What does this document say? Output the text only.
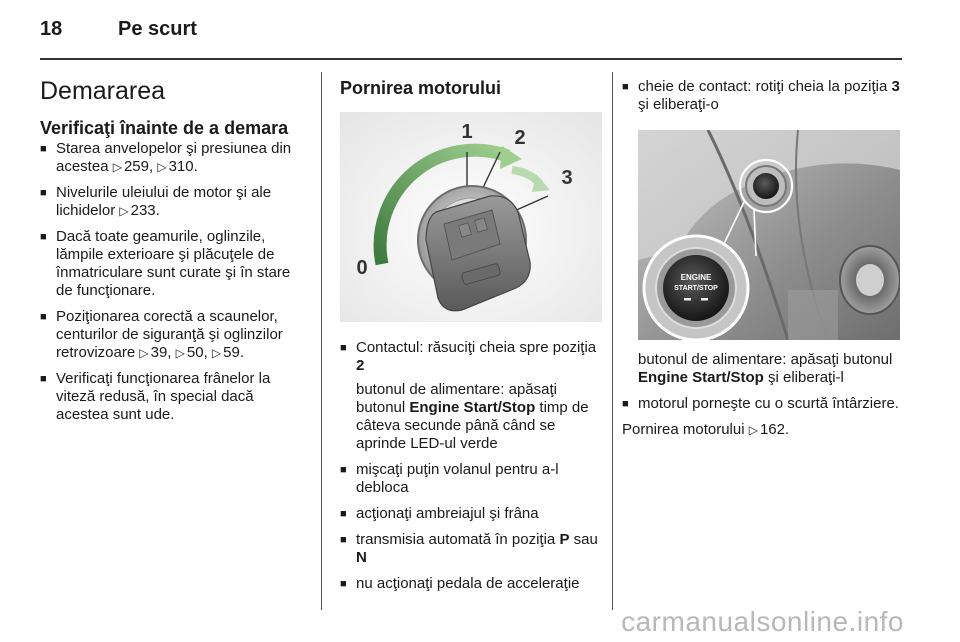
18	Pe scurt
Demararea
Verificaţi înainte de a demara
■ Starea anvelopelor şi presiunea din acestea ▷ 259, ▷ 310.
■ Nivelurile uleiului de motor şi ale lichidelor ▷ 233.
■ Dacă toate geamurile, oglinzile, lămpile exterioare şi plăcuţele de înmatriculare sunt curate şi în stare de funcţionare.
■ Poziţionarea corectă a scaunelor, centurilor de siguranţă şi oglinzilor retrovizoare ▷ 39, ▷ 50, ▷ 59.
■ Verificaţi funcţionarea frânelor la viteză redusă, în special dacă acestea sunt ude.
Pornirea motorului
1 2
3
0
■ Contactul: răsuciţi cheia spre poziţia 2
butonul de alimentare: apăsaţi butonul Engine Start/Stop timp de câteva secunde până când se aprinde LED-ul verde
■ mişcaţi puţin volanul pentru a-l debloca
■ acţionaţi ambreiajul şi frâna
■ transmisia automată în poziţia P sau N
■ nu acţionaţi pedala de acceleraţie
■ cheie de contact: rotiţi cheia la poziţia 3 şi eliberaţi-o
ENGINE
START/STOP
butonul de alimentare: apăsaţi butonul Engine Start/Stop şi eliberaţi-l
■ motorul porneşte cu o scurtă întârziere.
Pornirea motorului ▷ 162.
carmanualsonline.info
